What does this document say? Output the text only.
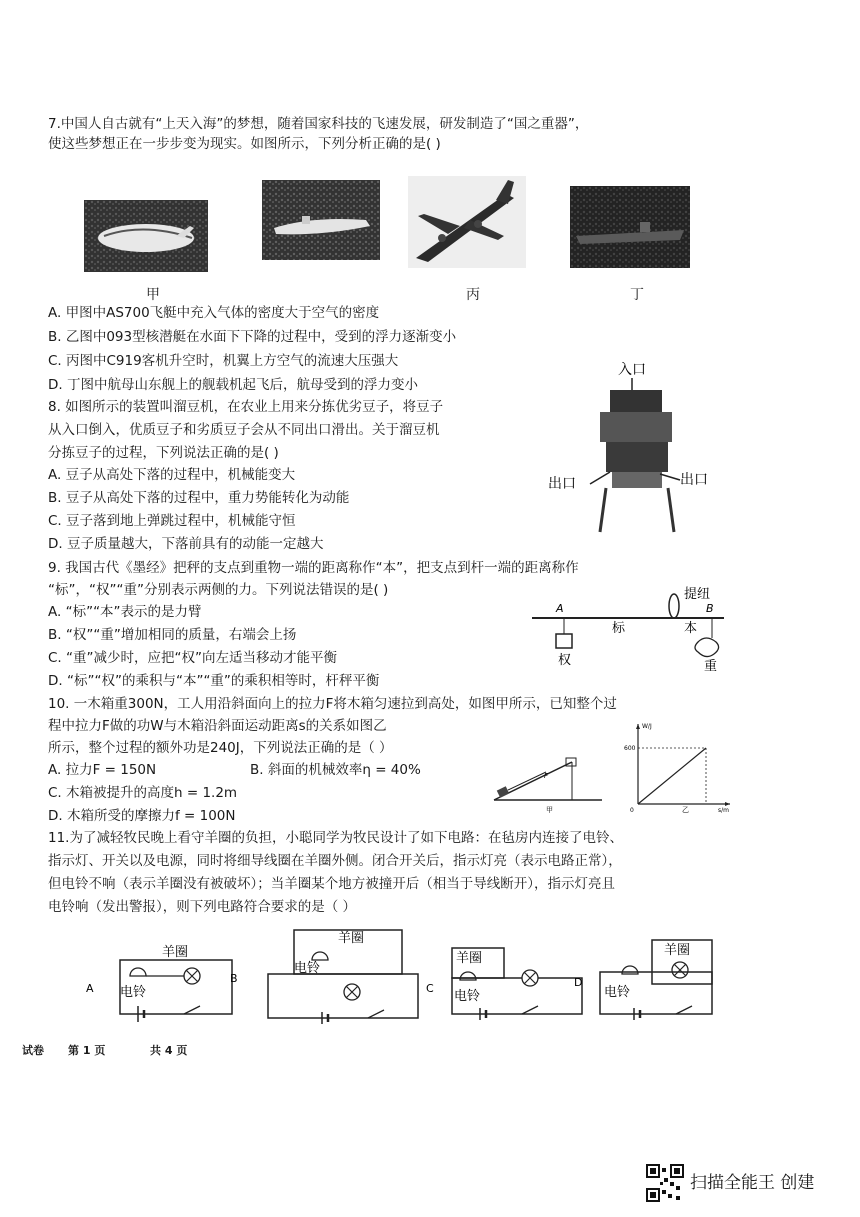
7.中国人自古就有“上天入海”的梦想，随着国家科技的飞速发展，研发制造了“国之重器”，
使这些梦想正在一步步变为现实。如图所示，下列分析正确的是( )
甲	丙	丁
A. 甲图中AS700飞艇中充入气体的密度大于空气的密度
B. 乙图中093型核潜艇在水面下下降的过程中，受到的浮力逐渐变小
C. 丙图中C919客机升空时，机翼上方空气的流速大压强大
D. 丁图中航母山东舰上的舰载机起飞后，航母受到的浮力变小
8. 如图所示的装置叫溜豆机，在农业上用来分拣优劣豆子，将豆子
从入口倒入，优质豆子和劣质豆子会从不同出口滑出。关于溜豆机
分拣豆子的过程，下列说法正确的是( )
A. 豆子从高处下落的过程中，机械能变大
B. 豆子从高处下落的过程中，重力势能转化为动能
C. 豆子落到地上弹跳过程中，机械能守恒
D. 豆子质量越大，下落前具有的动能一定越大
入口
出口	出口
9. 我国古代《墨经》把秤的支点到重物一端的距离称作“本”，把支点到杆一端的距离称作
“标”，“权”“重”分别表示两侧的力。下列说法错误的是( )
A. “标”“本”表示的是力臂
B. “权”“重”增加相同的质量，右端会上扬
C. “重”减少时，应把“权”向左适当移动才能平衡
D. “标”“权”的乘积与“本”“重”的乘积相等时，杆秤平衡
A	B
提纽
权
标	本
重
10. 一木箱重300N，工人用沿斜面向上的拉力F将木箱匀速拉到高处，如图甲所示，已知整个过
程中拉力F做的功W与木箱沿斜面运动距离s的关系如图乙
所示，整个过程的额外功是240J，下列说法正确的是（ ）
A. 拉力F = 150N	B. 斜面的机械效率η = 40%
C. 木箱被提升的高度h = 1.2m
D. 木箱所受的摩擦力f = 100N
F
甲
W/J
600
0	s/m
乙
11.为了减轻牧民晚上看守羊圈的负担，小聪同学为牧民设计了如下电路：在毡房内连接了电铃、
指示灯、开关以及电源，同时将细导线圈在羊圈外侧。闭合开关后，指示灯亮（表示电路正常），
但电铃不响（表示羊圈没有被破坏）；当羊圈某个地方被撞开后（相当于导线断开），指示灯亮且
电铃响（发出警报），则下列电路符合要求的是（ ）
A
羊圈
电铃
B
羊圈
电铃
C
羊圈
电铃
D
羊圈
电铃
试卷 第 1 页	共 4 页
扫描全能王 创建
